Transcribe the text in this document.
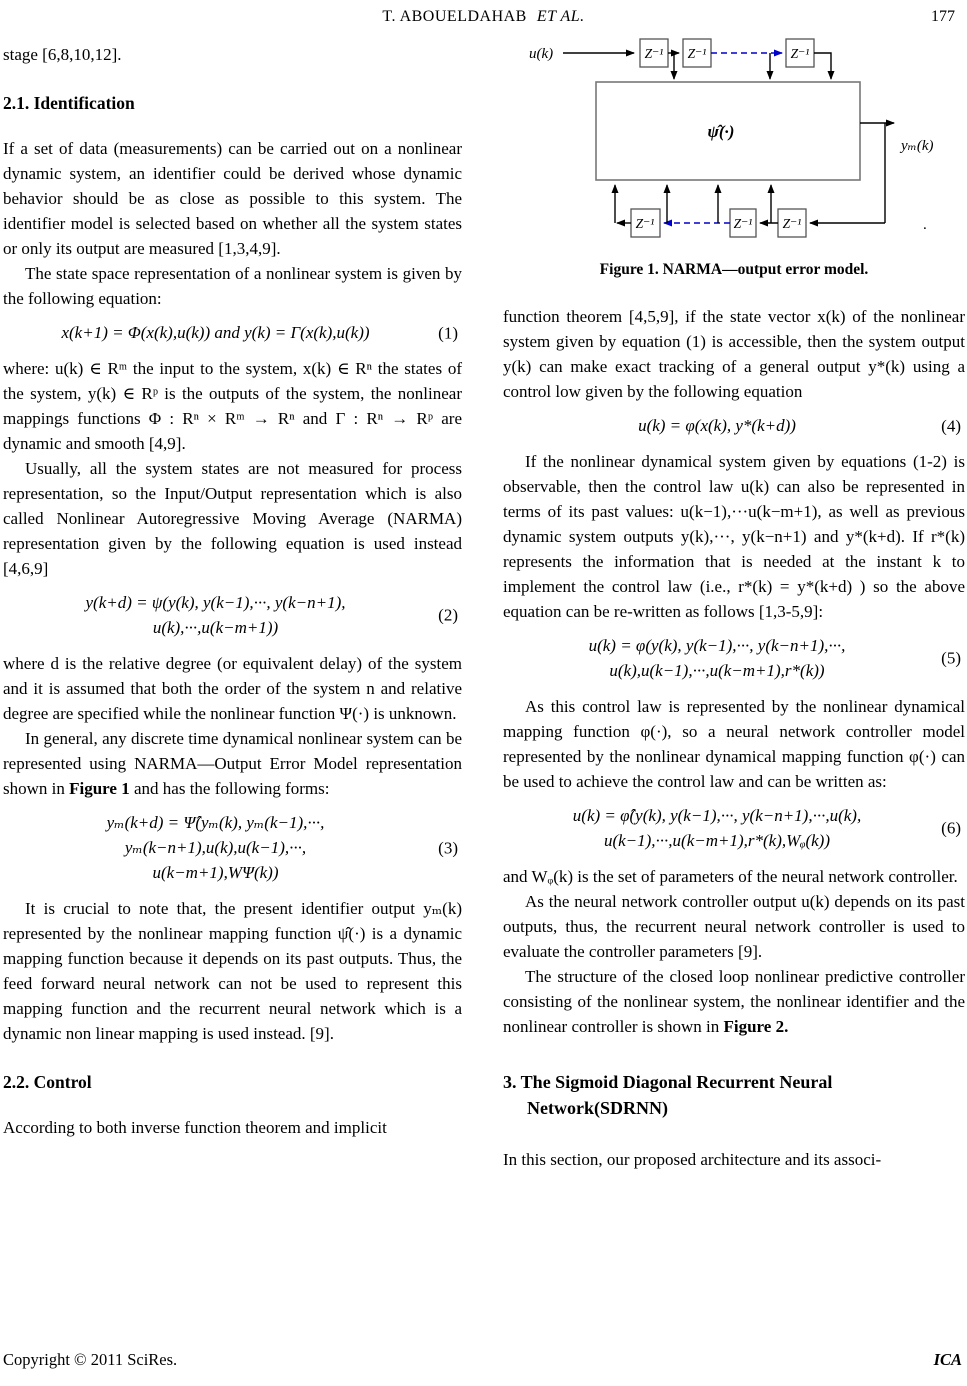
T. ABOUELDAHAB ET AL.	177

stage [6,8,10,12].

2.1. Identification

If a set of data (measurements) can be carried out on a nonlinear dynamic system, an identifier could be derived whose dynamic behavior should be as close as possible to this system. The identifier model is selected based on whether all the system states or only its output are measured [1,3,4,9].

The state space representation of a nonlinear system is given by the following equation:

x(k+1) = Φ(x(k),u(k)) and y(k) = Γ(x(k),u(k))	(1)

where: u(k) ∈ Rᵐ the input to the system, x(k) ∈ Rⁿ the states of the system, y(k) ∈ Rᵖ is the outputs of the system, the nonlinear mappings functions Φ : Rⁿ × Rᵐ → Rⁿ and Γ : Rⁿ → Rᵖ are dynamic and smooth [4,9].

Usually, all the system states are not measured for process representation, so the Input/Output representation which is also called Nonlinear Autoregressive Moving Average (NARMA) representation given by the following equation is used instead [4,6,9]

y(k+d) = ψ(y(k), y(k−1),···, y(k−n+1),
u(k),···,u(k−m+1))
(2)

where d is the relative degree (or equivalent delay) of the system and it is assumed that both the order of the system n and relative degree are specified while the nonlinear function Ψ(·) is unknown.

In general, any discrete time dynamical nonlinear system can be represented using NARMA—Output Error Model representation shown in Figure 1 and has the following forms:

yₘ(k+d) = Ψ̂(yₘ(k), yₘ(k−1),···,
yₘ(k−n+1),u(k),u(k−1),···,
u(k−m+1),WΨ(k))
(3)

It is crucial to note that, the present identifier output yₘ(k) represented by the nonlinear mapping function ψ̂(·) is a dynamic mapping function because it depends on its past outputs. Thus, the feed forward neural network can not be used to represent this mapping function and the recurrent neural network which is a dynamic non linear mapping is used instead. [9].

2.2. Control

According to both inverse function theorem and implicit

u(k)	Z⁻¹ Z⁻¹	Z⁻¹
ψ̂(·)
yₘ(k)
Z⁻¹
Z⁻¹
Z⁻¹	.
Figure 1. NARMA—output error model.

function theorem [4,5,9], if the state vector x(k) of the nonlinear system given by equation (1) is accessible, then the system output y(k) can make exact tracking of a general output y*(k) using a control low given by the following equation

u(k) = φ(x(k), y*(k+d))	(4)

If the nonlinear dynamical system given by equations (1-2) is observable, then the control law u(k) can also be represented in terms of its past values: u(k−1),···u(k−m+1), as well as previous dynamic system outputs y(k),···, y(k−n+1) and y*(k+d). If r*(k) represents the information that is needed at the instant k to implement the control law (i.e., r*(k) = y*(k+d) ) so the above equation can be re-written as follows [1,3-5,9]:

u(k) = φ(y(k), y(k−1),···, y(k−n+1),···,
u(k),u(k−1),···,u(k−m+1),r*(k))
(5)

As this control law is represented by the nonlinear dynamical mapping function φ(·), so a neural network controller model represented by the nonlinear dynamical mapping function φ(·) can be used to achieve the control law and can be written as:

u(k) = φ̂(y(k), y(k−1),···, y(k−n+1),···,u(k),
u(k−1),···,u(k−m+1),r*(k),Wᵩ(k))
(6)

and Wᵩ(k) is the set of parameters of the neural network controller.

As the neural network controller output u(k) depends on its past outputs, thus, the recurrent neural network controller is used to evaluate the controller parameters [9].

The structure of the closed loop nonlinear predictive controller consisting of the nonlinear system, the nonlinear identifier and the nonlinear controller is shown in Figure 2.

3. The Sigmoid Diagonal Recurrent Neural
Network(SDRNN)

In this section, our proposed architecture and its associ-

Copyright © 2011 SciRes.	ICA
